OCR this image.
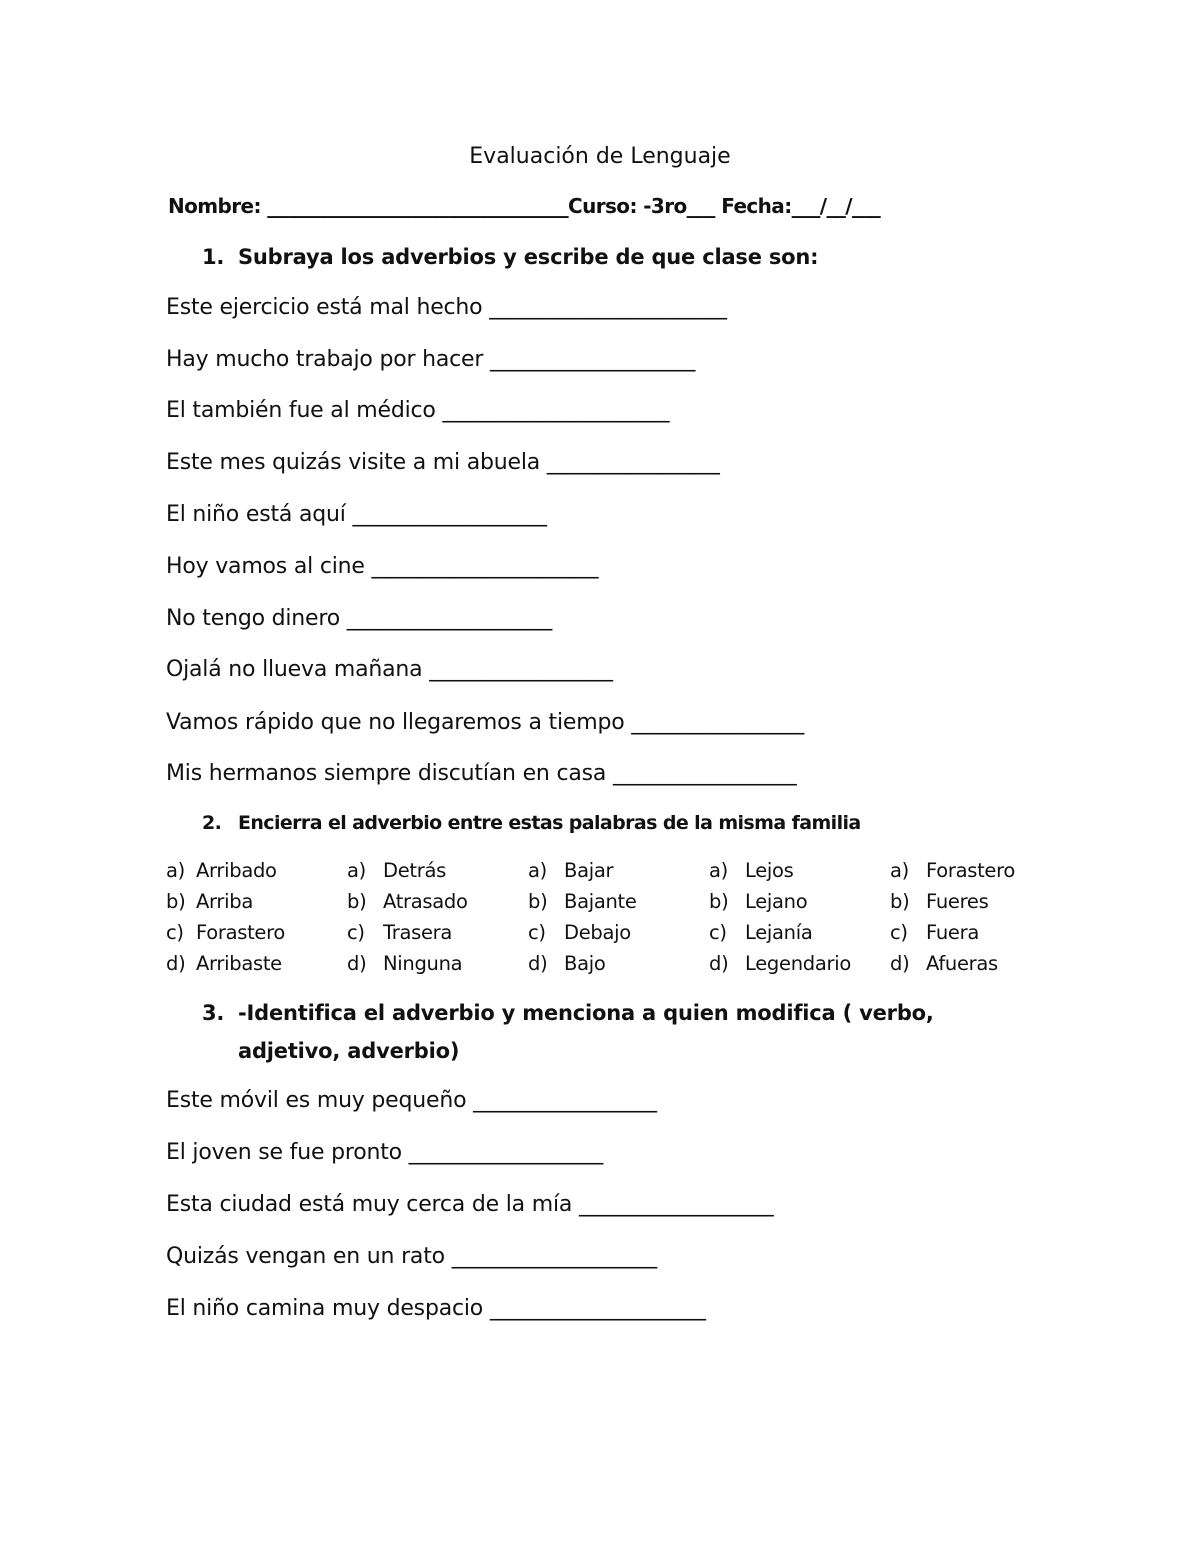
Evaluación de Lenguaje
Nombre: ________________________________Curso: -3ro___ Fecha:___/__/___
1. Subraya los adverbios y escribe de que clase son:
Este ejercicio está mal hecho ______________________
Hay mucho trabajo por hacer ___________________
El también fue al médico _____________________
Este mes quizás visite a mi abuela ________________
El niño está aquí __________________
Hoy vamos al cine _____________________
No tengo dinero ___________________
Ojalá no llueva mañana _________________
Vamos rápido que no llegaremos a tiempo ________________
Mis hermanos siempre discutían en casa _________________
2. Encierra el adverbio entre estas palabras de la misma familia
a) Arribado
b) Arriba
c) Forastero
d) Arribaste
a) Detrás
b) Atrasado
c) Trasera
d) Ninguna
a) Bajar
b) Bajante
c) Debajo
d) Bajo
a) Lejos
b) Lejano
c) Lejanía
d) Legendario
a) Forastero
b) Fueres
c) Fuera
d) Afueras
3. -Identifica el adverbio y menciona a quien modifica ( verbo, adjetivo, adverbio)
Este móvil es muy pequeño _________________
El joven se fue pronto __________________
Esta ciudad está muy cerca de la mía __________________
Quizás vengan en un rato ___________________
El niño camina muy despacio ____________________
